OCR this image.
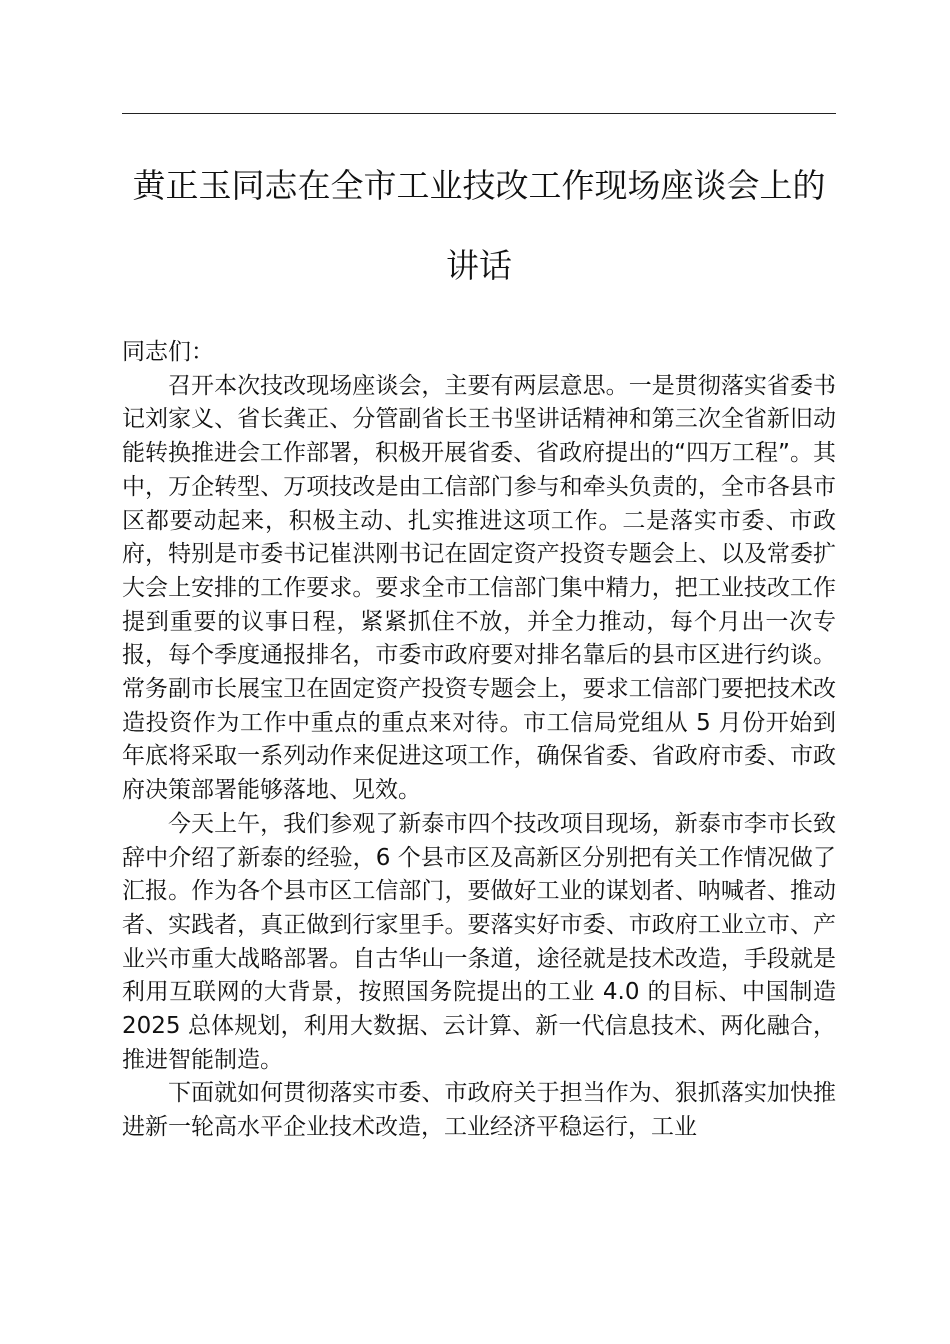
黄正玉同志在全市工业技改工作现场座谈会上的讲话

同志们：

召开本次技改现场座谈会，主要有两层意思。一是贯彻落实省委书记刘家义、省长龚正、分管副省长王书坚讲话精神和第三次全省新旧动能转换推进会工作部署，积极开展省委、省政府提出的“四万工程”。其中，万企转型、万项技改是由工信部门参与和牵头负责的，全市各县市区都要动起来，积极主动、扎实推进这项工作。二是落实市委、市政府，特别是市委书记崔洪刚书记在固定资产投资专题会上、以及常委扩大会上安排的工作要求。要求全市工信部门集中精力，把工业技改工作提到重要的议事日程，紧紧抓住不放，并全力推动，每个月出一次专报，每个季度通报排名，市委市政府要对排名靠后的县市区进行约谈。常务副市长展宝卫在固定资产投资专题会上，要求工信部门要把技术改造投资作为工作中重点的重点来对待。市工信局党组从 5 月份开始到年底将采取一系列动作来促进这项工作，确保省委、省政府市委、市政府决策部署能够落地、见效。

今天上午，我们参观了新泰市四个技改项目现场，新泰市李市长致辞中介绍了新泰的经验，6 个县市区及高新区分别把有关工作情况做了汇报。作为各个县市区工信部门，要做好工业的谋划者、呐喊者、推动者、实践者，真正做到行家里手。要落实好市委、市政府工业立市、产业兴市重大战略部署。自古华山一条道，途径就是技术改造，手段就是利用互联网的大背景，按照国务院提出的工业 4.0 的目标、中国制造 2025 总体规划，利用大数据、云计算、新一代信息技术、两化融合，推进智能制造。

下面就如何贯彻落实市委、市政府关于担当作为、狠抓落实加快推进新一轮高水平企业技术改造，工业经济平稳运行，工业
